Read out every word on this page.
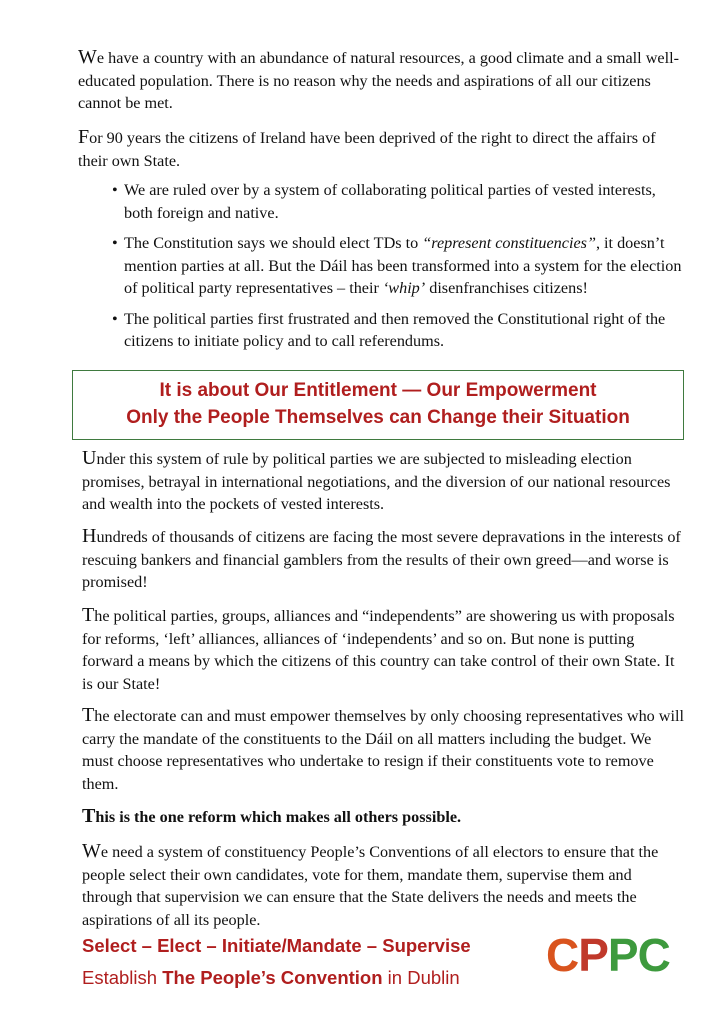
We have a country with an abundance of natural resources, a good climate and a small well-educated population. There is no reason why the needs and aspirations of all our citizens cannot be met.

For 90 years the citizens of Ireland have been deprived of the right to direct the affairs of their own State.

• We are ruled over by a system of collaborating political parties of vested interests, both foreign and native.
• The Constitution says we should elect TDs to “represent constituencies”, it doesn’t mention parties at all. But the Dáil has been transformed into a system for the election of political party representatives – their ‘whip’ disenfranchises citizens!
• The political parties first frustrated and then removed the Constitutional right of the citizens to initiate policy and to call referendums.
It is about Our Entitlement — Our Empowerment
Only the People Themselves can Change their Situation

Under this system of rule by political parties we are subjected to misleading election promises, betrayal in international negotiations, and the diversion of our national resources and wealth into the pockets of vested interests.

Hundreds of thousands of citizens are facing the most severe depravations in the interests of rescuing bankers and financial gamblers from the results of their own greed—and worse is promised!

The political parties, groups, alliances and “independents” are showering us with proposals for reforms, ‘left’ alliances, alliances of ‘independents’ and so on. But none is putting forward a means by which the citizens of this country can take control of their own State. It is our State!

The electorate can and must empower themselves by only choosing representatives who will carry the mandate of the constituents to the Dáil on all matters including the budget. We must choose representatives who undertake to resign if their constituents vote to remove them.

This is the one reform which makes all others possible.

We need a system of constituency People’s Conventions of all electors to ensure that the people select their own candidates, vote for them, mandate them, supervise them and through that supervision we can ensure that the State delivers the needs and meets the aspirations of all its people.

Select – Elect – Initiate/Mandate – Supervise
Establish The People’s Convention in Dublin CPPC
